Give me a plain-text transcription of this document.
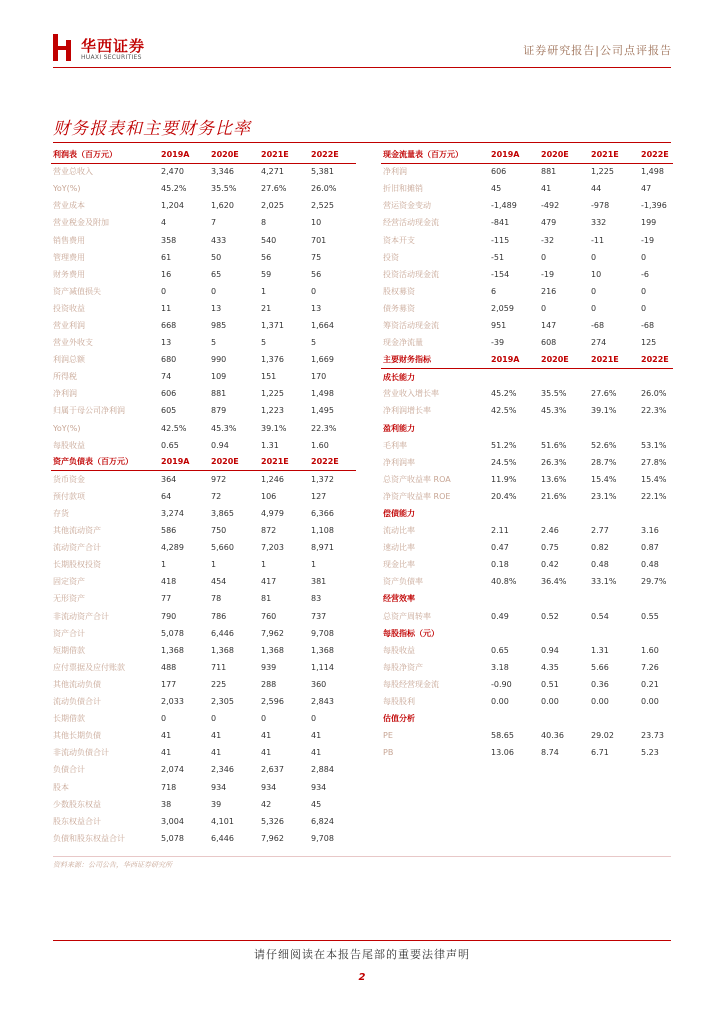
华西证券
HUAXI SECURITIES
证券研究报告|公司点评报告
财务报表和主要财务比率
利润表（百万元）	2019A	2020E	2021E	2022E
营业总收入	2,470	3,346	4,271	5,381
YoY(%)	45.2%	35.5%	27.6%	26.0%
营业成本	1,204	1,620	2,025	2,525
营业税金及附加	4	7	8	10
销售费用	358	433	540	701
管理费用	61	50	56	75
财务费用	16	65	59	56
资产减值损失	0	0	1	0
投资收益	11	13	21	13
营业利润	668	985	1,371	1,664
营业外收支	13	5	5	5
利润总额	680	990	1,376	1,669
所得税	74	109	151	170
净利润	606	881	1,225	1,498
归属于母公司净利润	605	879	1,223	1,495
YoY(%)	42.5%	45.3%	39.1%	22.3%
每股收益	0.65	0.94	1.31	1.60
资产负债表（百万元）	2019A	2020E	2021E	2022E
货币资金	364	972	1,246	1,372
预付款项	64	72	106	127
存货	3,274	3,865	4,979	6,366
其他流动资产	586	750	872	1,108
流动资产合计	4,289	5,660	7,203	8,971
长期股权投资	1	1	1	1
固定资产	418	454	417	381
无形资产	77	78	81	83
非流动资产合计	790	786	760	737
资产合计	5,078	6,446	7,962	9,708
短期借款	1,368	1,368	1,368	1,368
应付票据及应付账款	488	711	939	1,114
其他流动负债	177	225	288	360
流动负债合计	2,033	2,305	2,596	2,843
长期借款	0	0	0	0
其他长期负债	41	41	41	41
非流动负债合计	41	41	41	41
负债合计	2,074	2,346	2,637	2,884
股本	718	934	934	934
少数股东权益	38	39	42	45
股东权益合计	3,004	4,101	5,326	6,824
负债和股东权益合计	5,078	6,446	7,962	9,708
现金流量表（百万元）	2019A	2020E	2021E	2022E
净利润	606	881	1,225	1,498
折旧和摊销	45	41	44	47
营运资金变动	-1,489	-492	-978	-1,396
经营活动现金流	-841	479	332	199
资本开支	-115	-32	-11	-19
投资	-51	0	0	0
投资活动现金流	-154	-19	10	-6
股权募资	6	216	0	0
债务募资	2,059	0	0	0
筹资活动现金流	951	147	-68	-68
现金净流量	-39	608	274	125
主要财务指标	2019A	2020E	2021E	2022E
成长能力				
营业收入增长率	45.2%	35.5%	27.6%	26.0%
净利润增长率	42.5%	45.3%	39.1%	22.3%
盈利能力				
毛利率	51.2%	51.6%	52.6%	53.1%
净利润率	24.5%	26.3%	28.7%	27.8%
总资产收益率 ROA	11.9%	13.6%	15.4%	15.4%
净资产收益率 ROE	20.4%	21.6%	23.1%	22.1%
偿债能力				
流动比率	2.11	2.46	2.77	3.16
速动比率	0.47	0.75	0.82	0.87
现金比率	0.18	0.42	0.48	0.48
资产负债率	40.8%	36.4%	33.1%	29.7%
经营效率				
总资产周转率	0.49	0.52	0.54	0.55
每股指标（元）				
每股收益	0.65	0.94	1.31	1.60
每股净资产	3.18	4.35	5.66	7.26
每股经营现金流	-0.90	0.51	0.36	0.21
每股股利	0.00	0.00	0.00	0.00
估值分析				
PE	58.65	40.36	29.02	23.73
PB	13.06	8.74	6.71	5.23
资料来源：公司公告，华西证券研究所
请仔细阅读在本报告尾部的重要法律声明
2
